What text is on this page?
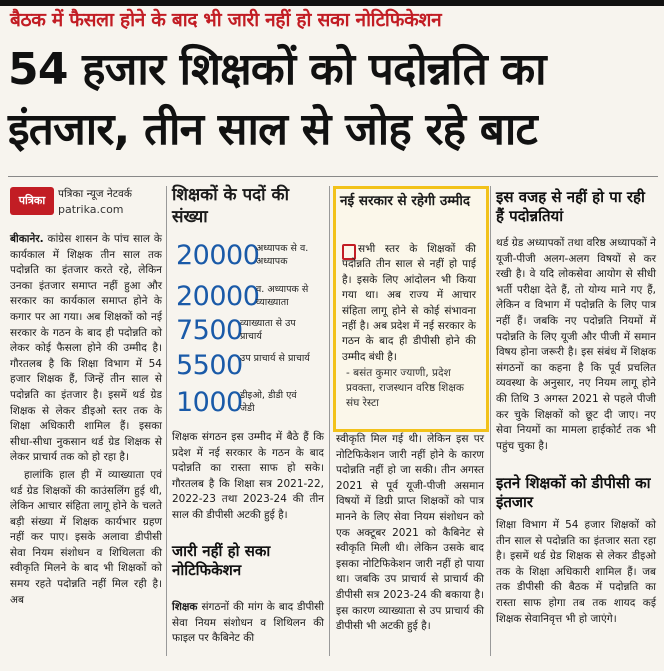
बैठक में फैसला होने के बाद भी जारी नहीं हो सका नोटिफिकेशन
54 हजार शिक्षकों को पदोन्नति का
इंतजार, तीन साल से जोह रहे बाट
पत्रिका	पत्रिका न्यूज नेटवर्क
patrika.com

बीकानेर. कांग्रेस शासन के पांच साल के कार्यकाल में शिक्षक तीन साल तक पदोन्नति का इंतजार करते रहे, लेकिन उनका इंतजार समाप्त नहीं हुआ और सरकार का कार्यकाल समाप्त होने के कगार पर आ गया। अब शिक्षकों को नई सरकार के गठन के बाद ही पदोन्नति को लेकर कोई फैसला होने की उम्मीद है। गौरतलब है कि शिक्षा विभाग में 54 हजार शिक्षक हैं, जिन्हें तीन साल से पदोन्नति का इंतजार है। इसमें थर्ड ग्रेड शिक्षक से लेकर डीइओ स्तर तक के शिक्षा अधिकारी शामिल हैं। इसका सीधा-सीधा नुकसान थर्ड ग्रेड शिक्षक से लेकर प्राचार्य तक को हो रहा है।

हालांकि हाल ही में व्याख्याता एवं थर्ड ग्रेड शिक्षकों की काउंसलिंग हुई थी, लेकिन आचार संहिता लागू होने के चलते बड़ी संख्या में शिक्षक कार्यभार ग्रहण नहीं कर पाए। इसके अलावा डीपीसी सेवा नियम संशोधन व शिथिलता की स्वीकृति मिलने के बाद भी शिक्षकों को समय रहते पदोन्नति नहीं मिल रही है। अब

शिक्षकों के पदों की संख्या
20000
अध्यापक से व. अध्यापक
20000
व. अध्यापक से व्याख्याता
7500
व्याख्याता से उप प्राचार्य
5500
उप प्राचार्य से प्राचार्य
1000
डीइओ, डीडी एवं जेडी

शिक्षक संगठन इस उम्मीद में बैठे हैं कि प्रदेश में नई सरकार के गठन के बाद पदोन्नति का रास्ता साफ हो सके। गौरतलब है कि शिक्षा सत्र 2021-22, 2022-23 तथा 2023-24 की तीन साल की डीपीसी अटकी हुई है।

जारी नहीं हो सका नोटिफिकेशन

शिक्षक संगठनों की मांग के बाद डीपीसी सेवा नियम संशोधन व शिथिलन की फाइल पर कैबिनेट की

नई सरकार से रहेगी उम्मीद
सभी स्तर के शिक्षकों की पदोन्नति तीन साल से नहीं हो पाई है। इसके लिए आंदोलन भी किया गया था। अब राज्य में आचार संहिता लागू होने से कोई संभावना नहीं है। अब प्रदेश में नई सरकार के गठन के बाद ही डीपीसी होने की उम्मीद बंधी है।
- बसंत कुमार ज्याणी, प्रदेश प्रवक्ता, राजस्थान वरिष्ठ शिक्षक संघ रेस्टा

स्वीकृति मिल गई थी। लेकिन इस पर नोटिफिकेशन जारी नहीं होने के कारण पदोन्नति नहीं हो जा सकी। तीन अगस्त 2021 से पूर्व यूजी-पीजी असमान विषयों में डिग्री प्राप्त शिक्षकों को पात्र मानने के लिए सेवा नियम संशोधन को एक अक्टूबर 2021 को कैबिनेट से स्वीकृति मिली थी। लेकिन उसके बाद इसका नोटिफिकेशन जारी नहीं हो पाया था। जबकि उप प्राचार्य से प्राचार्य की डीपीसी सत्र 2023-24 की बकाया है। इस कारण व्याख्याता से उप प्राचार्य की डीपीसी भी अटकी हुई है।

इस वजह से नहीं हो पा रही हैं पदोन्नतियां

थर्ड ग्रेड अध्यापकों तथा वरिष्ठ अध्यापकों ने यूजी-पीजी अलग-अलग विषयों से कर रखी है। वे यदि लोकसेवा आयोग से सीधी भर्ती परीक्षा देते हैं, तो योग्य माने गए हैं, लेकिन व विभाग में पदोन्नति के लिए पात्र नहीं हैं। जबकि नए पदोन्नति नियमों में पदोन्नति के लिए यूजी और पीजी में समान विषय होना जरूरी है। इस संबंध में शिक्षक संगठनों का कहना है कि पूर्व प्रचलित व्यवस्था के अनुसार, नए नियम लागू होने की तिथि 3 अगस्त 2021 से पहले पीजी कर चुके शिक्षकों को छूट दी जाए। नए सेवा नियमों का मामला हाईकोर्ट तक भी पहुंच चुका है।

इतने शिक्षकों को डीपीसी का इंतजार

शिक्षा विभाग में 54 हजार शिक्षकों को तीन साल से पदोन्नति का इंतजार सता रहा है। इसमें थर्ड ग्रेड शिक्षक से लेकर डीइओ तक के शिक्षा अधिकारी शामिल हैं। जब तक डीपीसी की बैठक में पदोन्नति का रास्ता साफ होगा तब तक शायद कई शिक्षक सेवानिवृत्त भी हो जाएंगे।
